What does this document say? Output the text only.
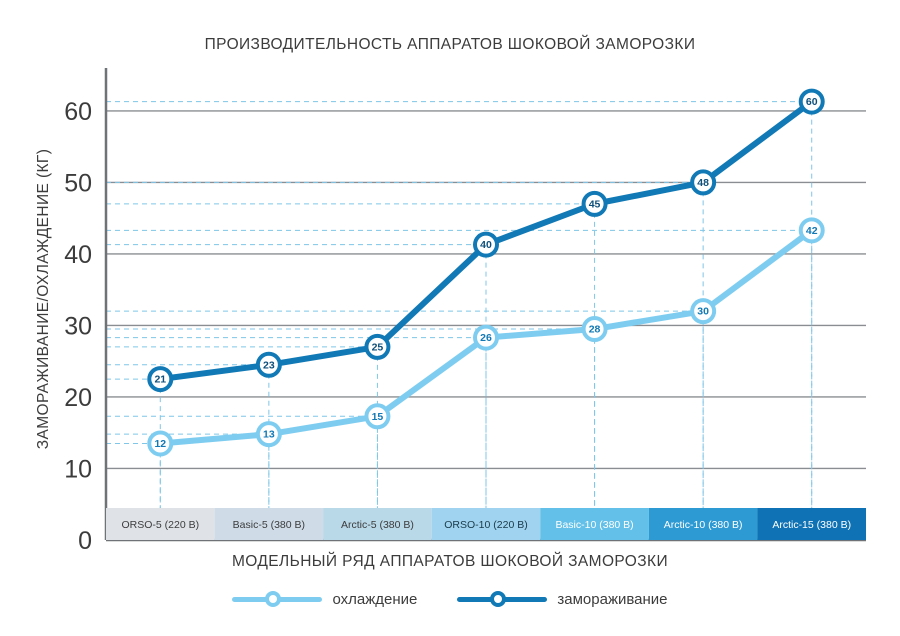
ПРОИЗВОДИТЕЛЬНОСТЬ АППАРАТОВ ШОКОВОЙ ЗАМОРОЗКИ
ЗАМОРАЖИВАНИЕ/ОХЛАЖДЕНИЕ (КГ)
0
10
20
30
40
50
60
ORSO-5 (220 В)	Basic-5 (380 В)	Arctic-5 (380 В)	ORSO-10 (220 В)	Basic-10 (380 В)	Arctic-10 (380 В)	Arctic-15 (380 В)
12
13
15
26
28
30
42
21
23
25
40
45
48
60
МОДЕЛЬНЫЙ РЯД АППАРАТОВ ШОКОВОЙ ЗАМОРОЗКИ
охлаждение	замораживание
